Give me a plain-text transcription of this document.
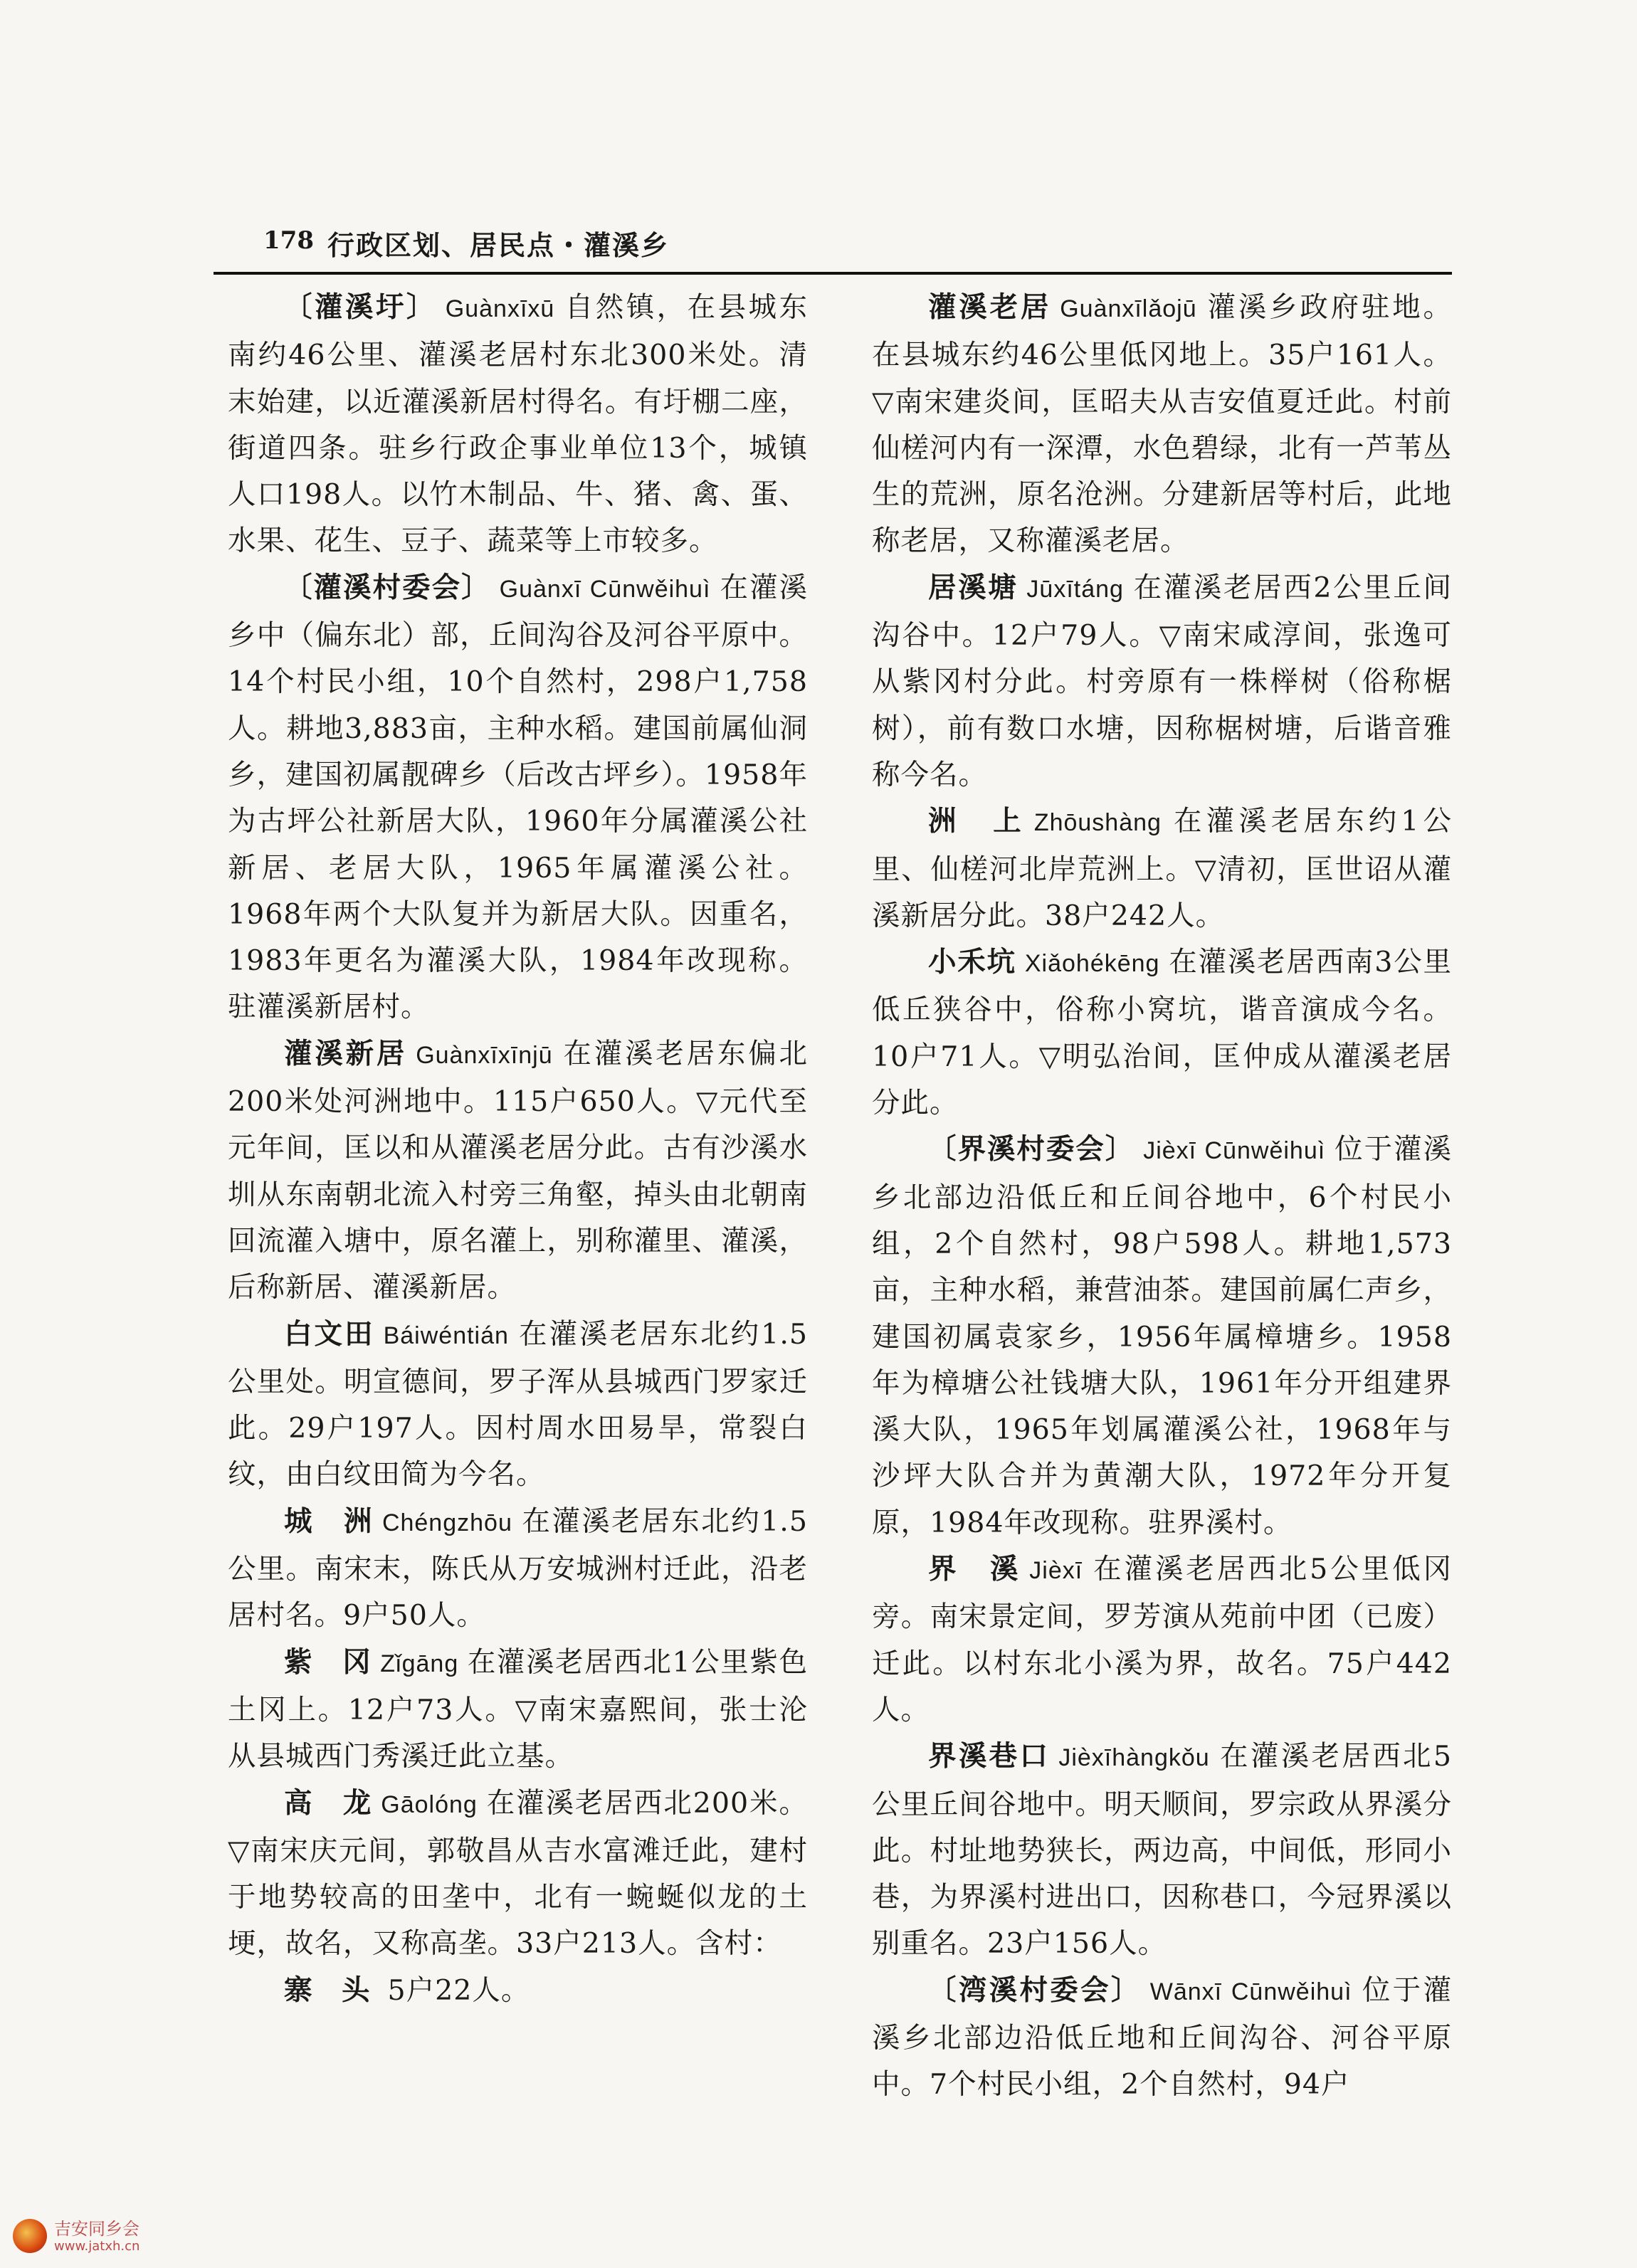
178 行政区划、居民点・灌溪乡

〔灌溪圩〕 Guànxīxū 自然镇，在县城东南约46公里、灌溪老居村东北300米处。清末始建，以近灌溪新居村得名。有圩棚二座，街道四条。驻乡行政企事业单位13个，城镇人口198人。以竹木制品、牛、猪、禽、蛋、水果、花生、豆子、蔬菜等上市较多。

〔灌溪村委会〕 Guànxī Cūnwěihuì 在灌溪乡中（偏东北）部，丘间沟谷及河谷平原中。14个村民小组，10个自然村，298户1,758人。耕地3,883亩，主种水稻。建国前属仙洞乡，建国初属靓碑乡（后改古坪乡）。1958年为古坪公社新居大队，1960年分属灌溪公社新居、老居大队，1965年属灌溪公社。1968年两个大队复并为新居大队。因重名，1983年更名为灌溪大队，1984年改现称。驻灌溪新居村。

灌溪新居 Guànxīxīnjū 在灌溪老居东偏北200米处河洲地中。115户650人。▽元代至元年间，匡以和从灌溪老居分此。古有沙溪水圳从东南朝北流入村旁三角壑，掉头由北朝南回流灌入塘中，原名灌上，别称灌里、灌溪，后称新居、灌溪新居。

白文田 Báiwéntián 在灌溪老居东北约1.5公里处。明宣德间，罗子浑从县城西门罗家迁此。29户197人。因村周水田易旱，常裂白纹，由白纹田简为今名。

城　洲 Chéngzhōu 在灌溪老居东北约1.5公里。南宋末，陈氏从万安城洲村迁此，沿老居村名。9户50人。

紫　冈 Zǐgāng 在灌溪老居西北1公里紫色土冈上。12户73人。▽南宋嘉熙间，张士沦从县城西门秀溪迁此立基。

高　龙 Gāolóng 在灌溪老居西北200米。▽南宋庆元间，郭敬昌从吉水富滩迁此，建村于地势较高的田垄中，北有一蜿蜒似龙的土埂，故名，又称高垄。33户213人。含村：

寨　头 5户22人。

灌溪老居 Guànxīlǎojū 灌溪乡政府驻地。在县城东约46公里低冈地上。35户161人。▽南宋建炎间，匡昭夫从吉安值夏迁此。村前仙槎河内有一深潭，水色碧绿，北有一芦苇丛生的荒洲，原名沧洲。分建新居等村后，此地称老居，又称灌溪老居。

居溪塘 Jūxītáng 在灌溪老居西2公里丘间沟谷中。12户79人。▽南宋咸淳间，张逸可从紫冈村分此。村旁原有一株榉树（俗称椐树），前有数口水塘，因称椐树塘，后谐音雅称今名。

洲　上 Zhōushàng 在灌溪老居东约1公里、仙槎河北岸荒洲上。▽清初，匡世诏从灌溪新居分此。38户242人。

小禾坑 Xiǎohékēng 在灌溪老居西南3公里低丘狭谷中，俗称小窝坑，谐音演成今名。10户71人。▽明弘治间，匡仲成从灌溪老居分此。

〔界溪村委会〕 Jièxī Cūnwěihuì 位于灌溪乡北部边沿低丘和丘间谷地中，6个村民小组，2个自然村，98户598人。耕地1,573亩，主种水稻，兼营油茶。建国前属仁声乡，建国初属袁家乡，1956年属樟塘乡。1958年为樟塘公社钱塘大队，1961年分开组建界溪大队，1965年划属灌溪公社，1968年与沙坪大队合并为黄潮大队，1972年分开复原，1984年改现称。驻界溪村。

界　溪 Jièxī 在灌溪老居西北5公里低冈旁。南宋景定间，罗芳演从苑前中团（已废）迁此。以村东北小溪为界，故名。75户442人。

界溪巷口 Jièxīhàngkǒu 在灌溪老居西北5公里丘间谷地中。明天顺间，罗宗政从界溪分此。村址地势狭长，两边高，中间低，形同小巷，为界溪村进出口，因称巷口，今冠界溪以别重名。23户156人。

〔湾溪村委会〕 Wānxī Cūnwěihuì 位于灌溪乡北部边沿低丘地和丘间沟谷、河谷平原中。7个村民小组，2个自然村，94户

吉安同乡会
www.jatxh.cn
